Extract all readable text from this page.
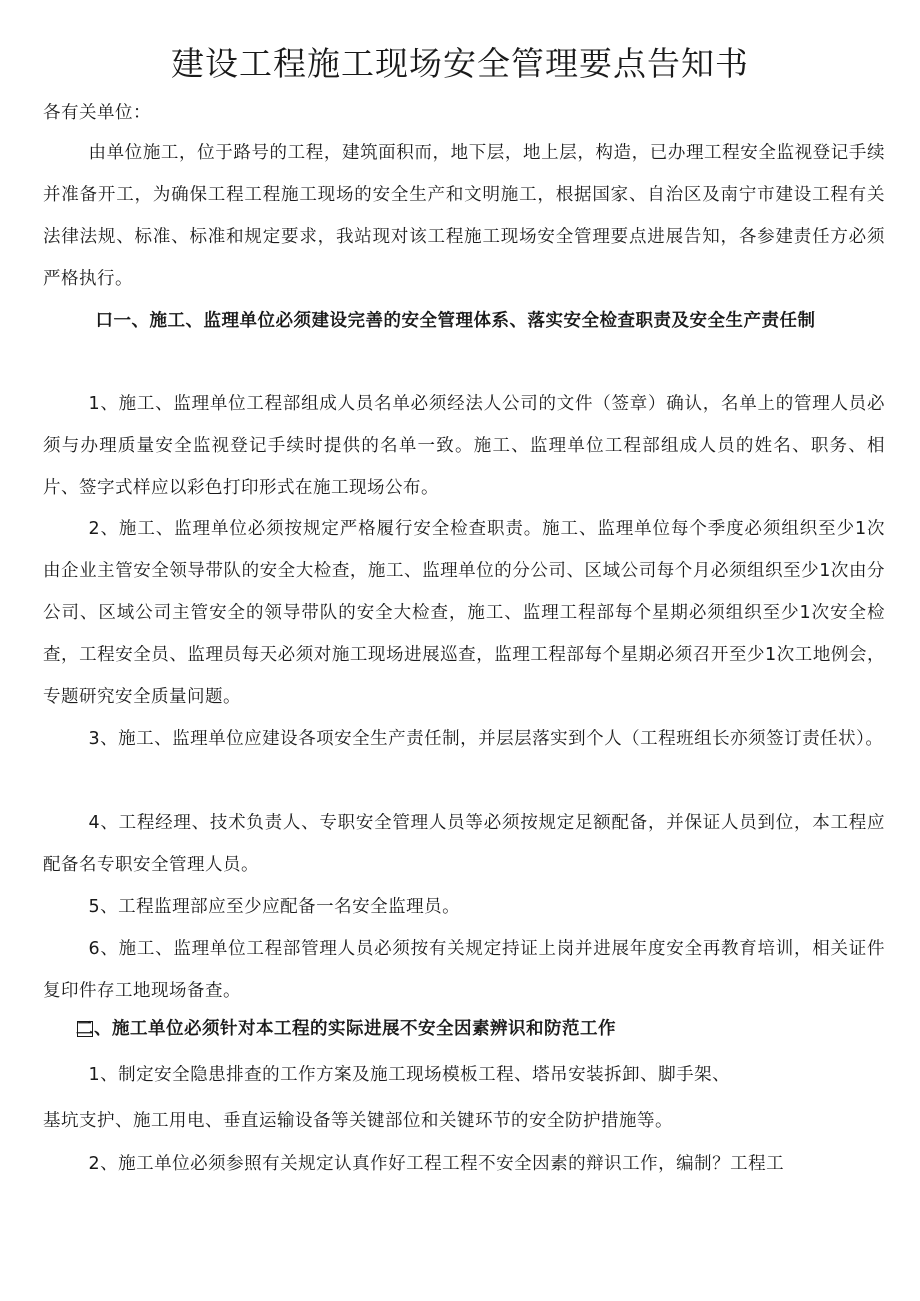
建设工程施工现场安全管理要点告知书
各有关单位：

由单位施工，位于路号的工程，建筑面积而，地下层，地上层，构造，已办理工程安全监视登记手续并准备开工，为确保工程工程施工现场的安全生产和文明施工，根据国家、自治区及南宁市建设工程有关法律法规、标准、标准和规定要求，我站现对该工程施工现场安全管理要点进展告知，各参建责任方必须严格执行。

口一、施工、监理单位必须建设完善的安全管理体系、落实安全检查职责及安全生产责任制

1、施工、监理单位工程部组成人员名单必须经法人公司的文件（签章）确认，名单上的管理人员必须与办理质量安全监视登记手续时提供的名单一致。施工、监理单位工程部组成人员的姓名、职务、相片、签字式样应以彩色打印形式在施工现场公布。

2、施工、监理单位必须按规定严格履行安全检查职责。施工、监理单位每个季度必须组织至少1次由企业主管安全领导带队的安全大检查，施工、监理单位的分公司、区域公司每个月必须组织至少1次由分公司、区域公司主管安全的领导带队的安全大检查，施工、监理工程部每个星期必须组织至少1次安全检查，工程安全员、监理员每天必须对施工现场进展巡查，监理工程部每个星期必须召开至少1次工地例会，专题研究安全质量问题。

3、施工、监理单位应建设各项安全生产责任制，并层层落实到个人（工程班组长亦须签订责任状）。

4、工程经理、技术负责人、专职安全管理人员等必须按规定足额配备，并保证人员到位，本工程应配备名专职安全管理人员。

5、工程监理部应至少应配备一名安全监理员。

6、施工、监理单位工程部管理人员必须按有关规定持证上岗并进展年度安全再教育培训，相关证件复印件存工地现场备查。

二、施工单位必须针对本工程的实际进展不安全因素辨识和防范工作

1、制定安全隐患排查的工作方案及施工现场模板工程、塔吊安装拆卸、脚手架、

基坑支护、施工用电、垂直运输设备等关键部位和关键环节的安全防护措施等。

2、施工单位必须参照有关规定认真作好工程工程不安全因素的辩识工作，编制？工程工
